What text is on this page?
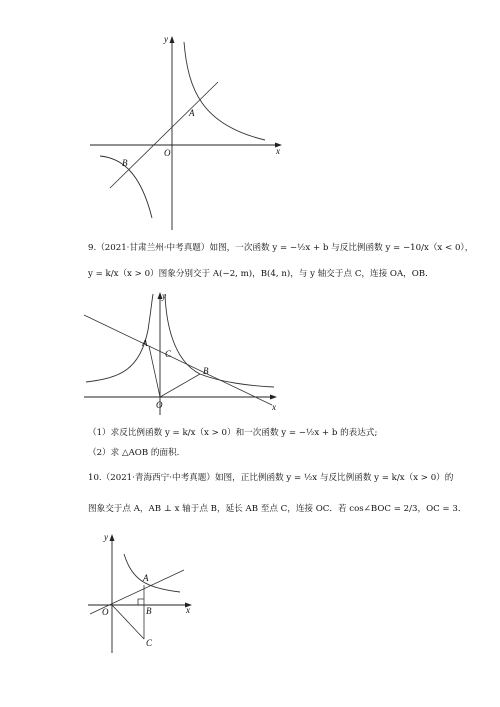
y
x
O
A
B
9.（2021·甘肃兰州·中考真题）如图，一次函数 y = −½x + b 与反比例函数 y = −10/x（x < 0），
y = k/x（x > 0）图象分别交于 A(−2, m)，B(4, n)，与 y 轴交于点 C，连接 OA，OB．
y
x
O
A
B
C
（1）求反比例函数 y = k/x（x > 0）和一次函数 y = −½x + b 的表达式;
（2）求 △AOB 的面积.
10.（2021·青海西宁·中考真题）如图，正比例函数 y = ½x 与反比例函数 y = k/x（x > 0）的
图象交于点 A，AB ⊥ x 轴于点 B，延长 AB 至点 C，连接 OC．若 cos∠BOC = 2/3，OC = 3．
y
x
O
A
B
C
